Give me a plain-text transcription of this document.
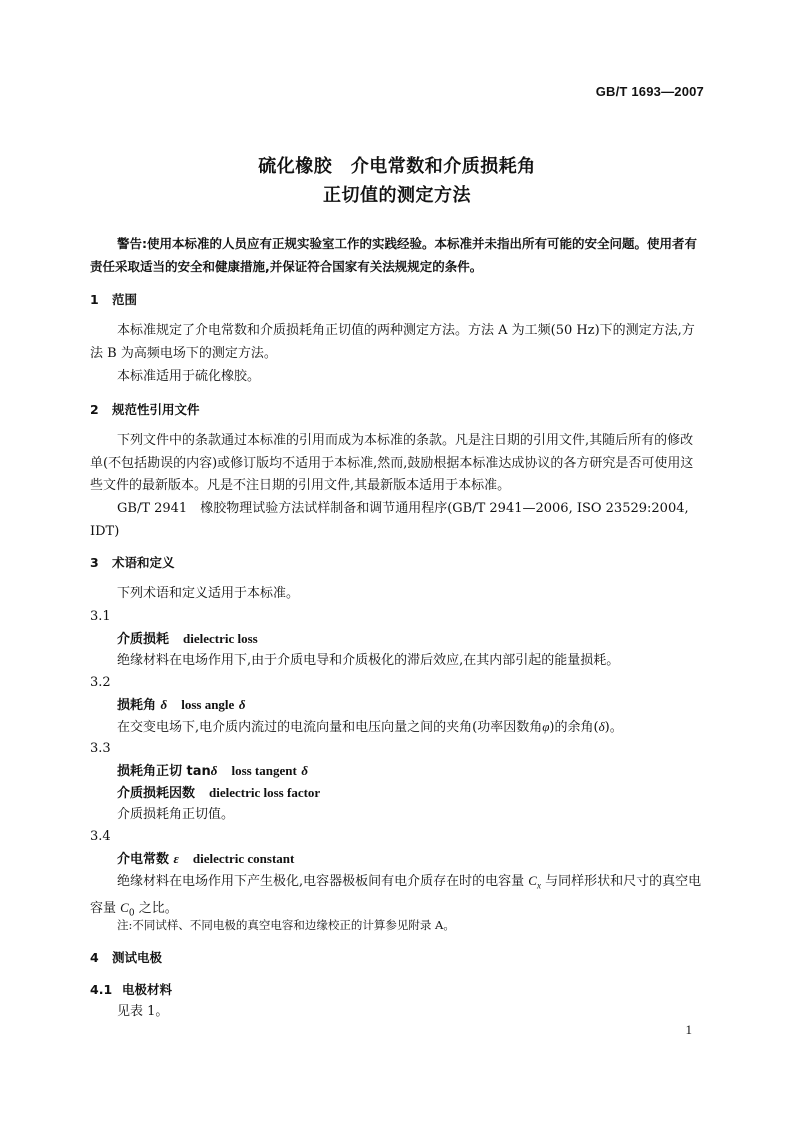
GB/T 1693—2007
硫化橡胶　介电常数和介质损耗角
正切值的测定方法
警告:使用本标准的人员应有正规实验室工作的实践经验。本标准并未指出所有可能的安全问题。使用者有责任采取适当的安全和健康措施,并保证符合国家有关法规规定的条件。
1 范围

本标准规定了介电常数和介质损耗角正切值的两种测定方法。方法 A 为工频(50 Hz)下的测定方法,方法 B 为高频电场下的测定方法。

本标准适用于硫化橡胶。

2 规范性引用文件

下列文件中的条款通过本标准的引用而成为本标准的条款。凡是注日期的引用文件,其随后所有的修改单(不包括勘误的内容)或修订版均不适用于本标准,然而,鼓励根据本标准达成协议的各方研究是否可使用这些文件的最新版本。凡是不注日期的引用文件,其最新版本适用于本标准。

GB/T 2941　橡胶物理试验方法试样制备和调节通用程序(GB/T 2941—2006, ISO 23529:2004, IDT)

3 术语和定义

下列术语和定义适用于本标准。

3.1
介质损耗 dielectric loss

绝缘材料在电场作用下,由于介质电导和介质极化的滞后效应,在其内部引起的能量损耗。

3.2
损耗角 δ loss angle δ

在交变电场下,电介质内流过的电流向量和电压向量之间的夹角(功率因数角φ)的余角(δ)。

3.3
损耗角正切 tanδ loss tangent δ
介质损耗因数 dielectric loss factor

介质损耗角正切值。

3.4
介电常数 ε dielectric constant

绝缘材料在电场作用下产生极化,电容器极板间有电介质存在时的电容量 $C_x$ 与同样形状和尺寸的真空电容量 $C_0$ 之比。

注:不同试样、不同电极的真空电容和边缘校正的计算参见附录 A。

4 测试电极
4.1 电极材料

见表 1。

1
